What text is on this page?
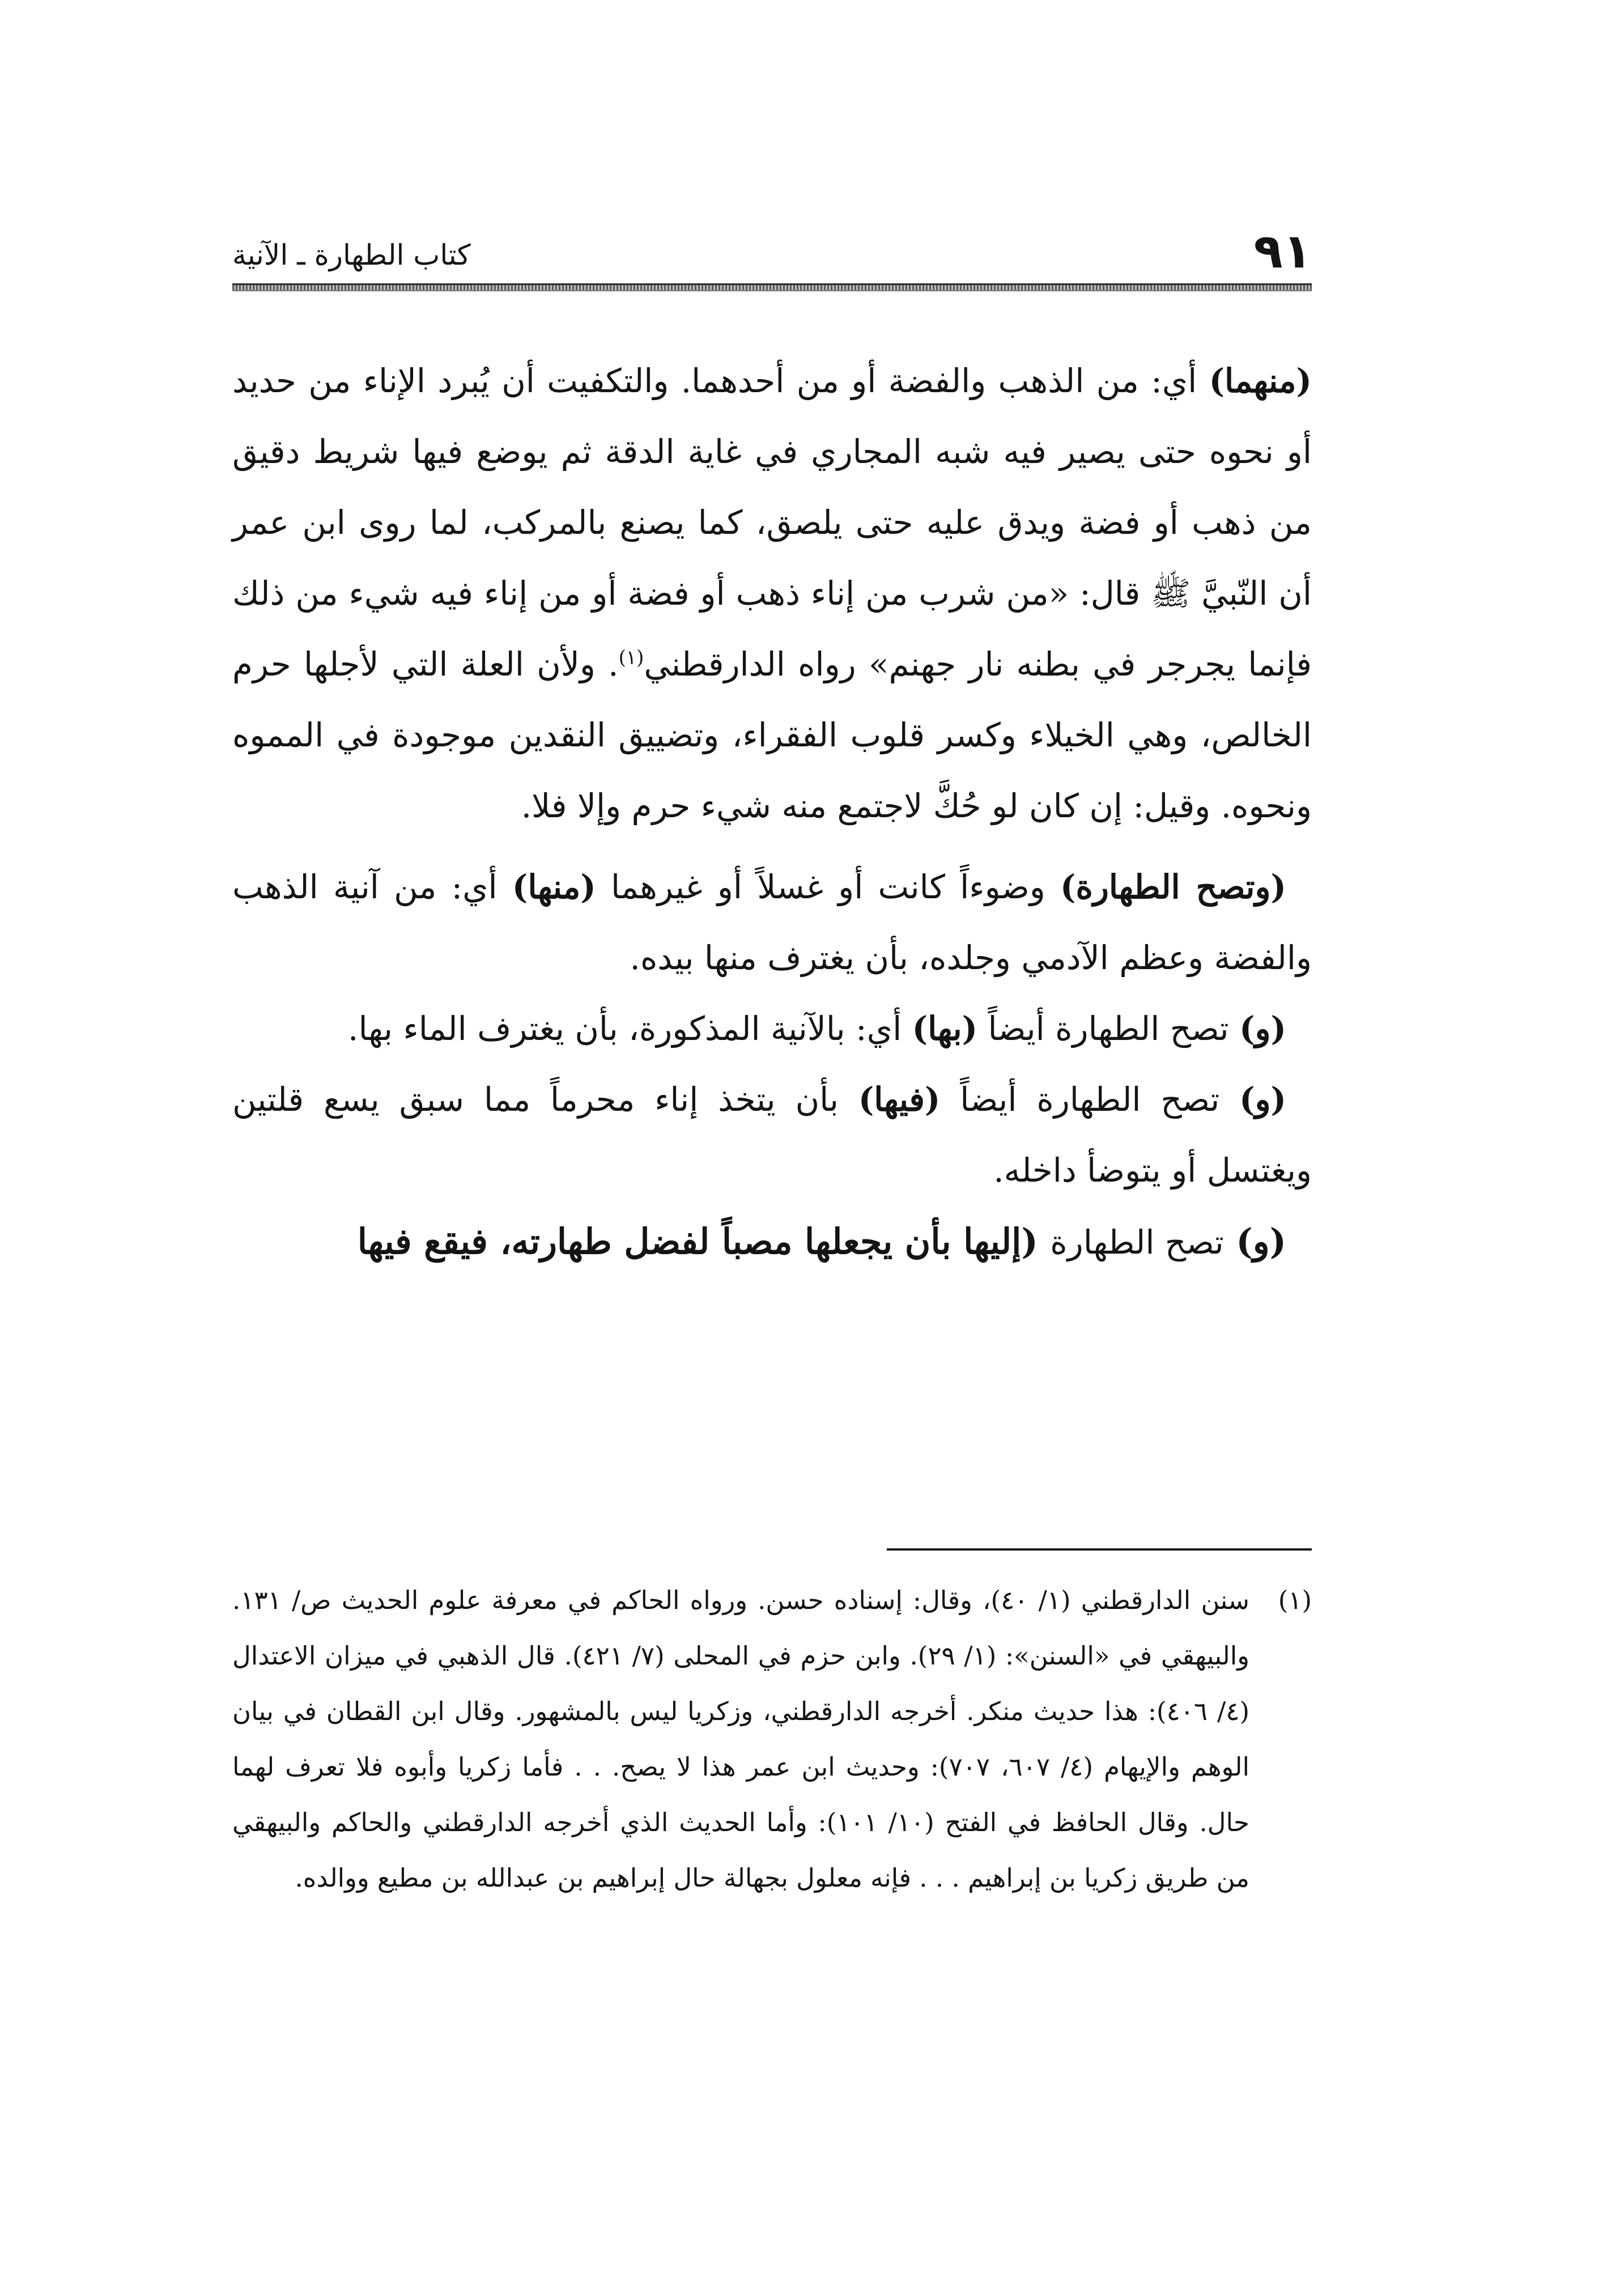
٩١
كتاب الطهارة ـ الآنية

(منهما) أي: من الذهب والفضة أو من أحدهما. والتكفيت أن يُبرد الإناء من حديد أو نحوه حتى يصير فيه شبه المجاري في غاية الدقة ثم يوضع فيها شريط دقيق من ذهب أو فضة ويدق عليه حتى يلصق، كما يصنع بالمركب، لما روى ابن عمر أن النّبيَّ ﷺ قال: «من شرب من إناء ذهب أو فضة أو من إناء فيه شيء من ذلك فإنما يجرجر في بطنه نار جهنم» رواه الدارقطني$^{(١)}$. ولأن العلة التي لأجلها حرم الخالص، وهي الخيلاء وكسر قلوب الفقراء، وتضييق النقدين موجودة في المموه ونحوه. وقيل: إن كان لو حُكَّ لاجتمع منه شيء حرم وإلا فلا.

(وتصح الطهارة) وضوءاً كانت أو غسلاً أو غيرهما (منها) أي: من آنية الذهب والفضة وعظم الآدمي وجلده، بأن يغترف منها بيده.

(و) تصح الطهارة أيضاً (بها) أي: بالآنية المذكورة، بأن يغترف الماء بها.

(و) تصح الطهارة أيضاً (فيها) بأن يتخذ إناء محرماً مما سبق يسع قلتين ويغتسل أو يتوضأ داخله.

(و) تصح الطهارة (إليها بأن يجعلها مصباً لفضل طهارته، فيقع فيها

(١)
سنن الدارقطني (١/ ٤٠)، وقال: إسناده حسن. ورواه الحاكم في معرفة علوم الحديث ص/ ١٣١. والبيهقي في «السنن»: (١/ ٢٩). وابن حزم في المحلى (٧/ ٤٢١). قال الذهبي في ميزان الاعتدال (٤/ ٤٠٦): هذا حديث منكر. أخرجه الدارقطني، وزكريا ليس بالمشهور. وقال ابن القطان في بيان الوهم والإيهام (٤/ ٦٠٧، ٧٠٧): وحديث ابن عمر هذا لا يصح. . . فأما زكريا وأبوه فلا تعرف لهما حال. وقال الحافظ في الفتح (١٠/ ١٠١): وأما الحديث الذي أخرجه الدارقطني والحاكم والبيهقي من طريق زكريا بن إبراهيم . . . فإنه معلول بجهالة حال إبراهيم بن عبدالله بن مطيع ووالده.
